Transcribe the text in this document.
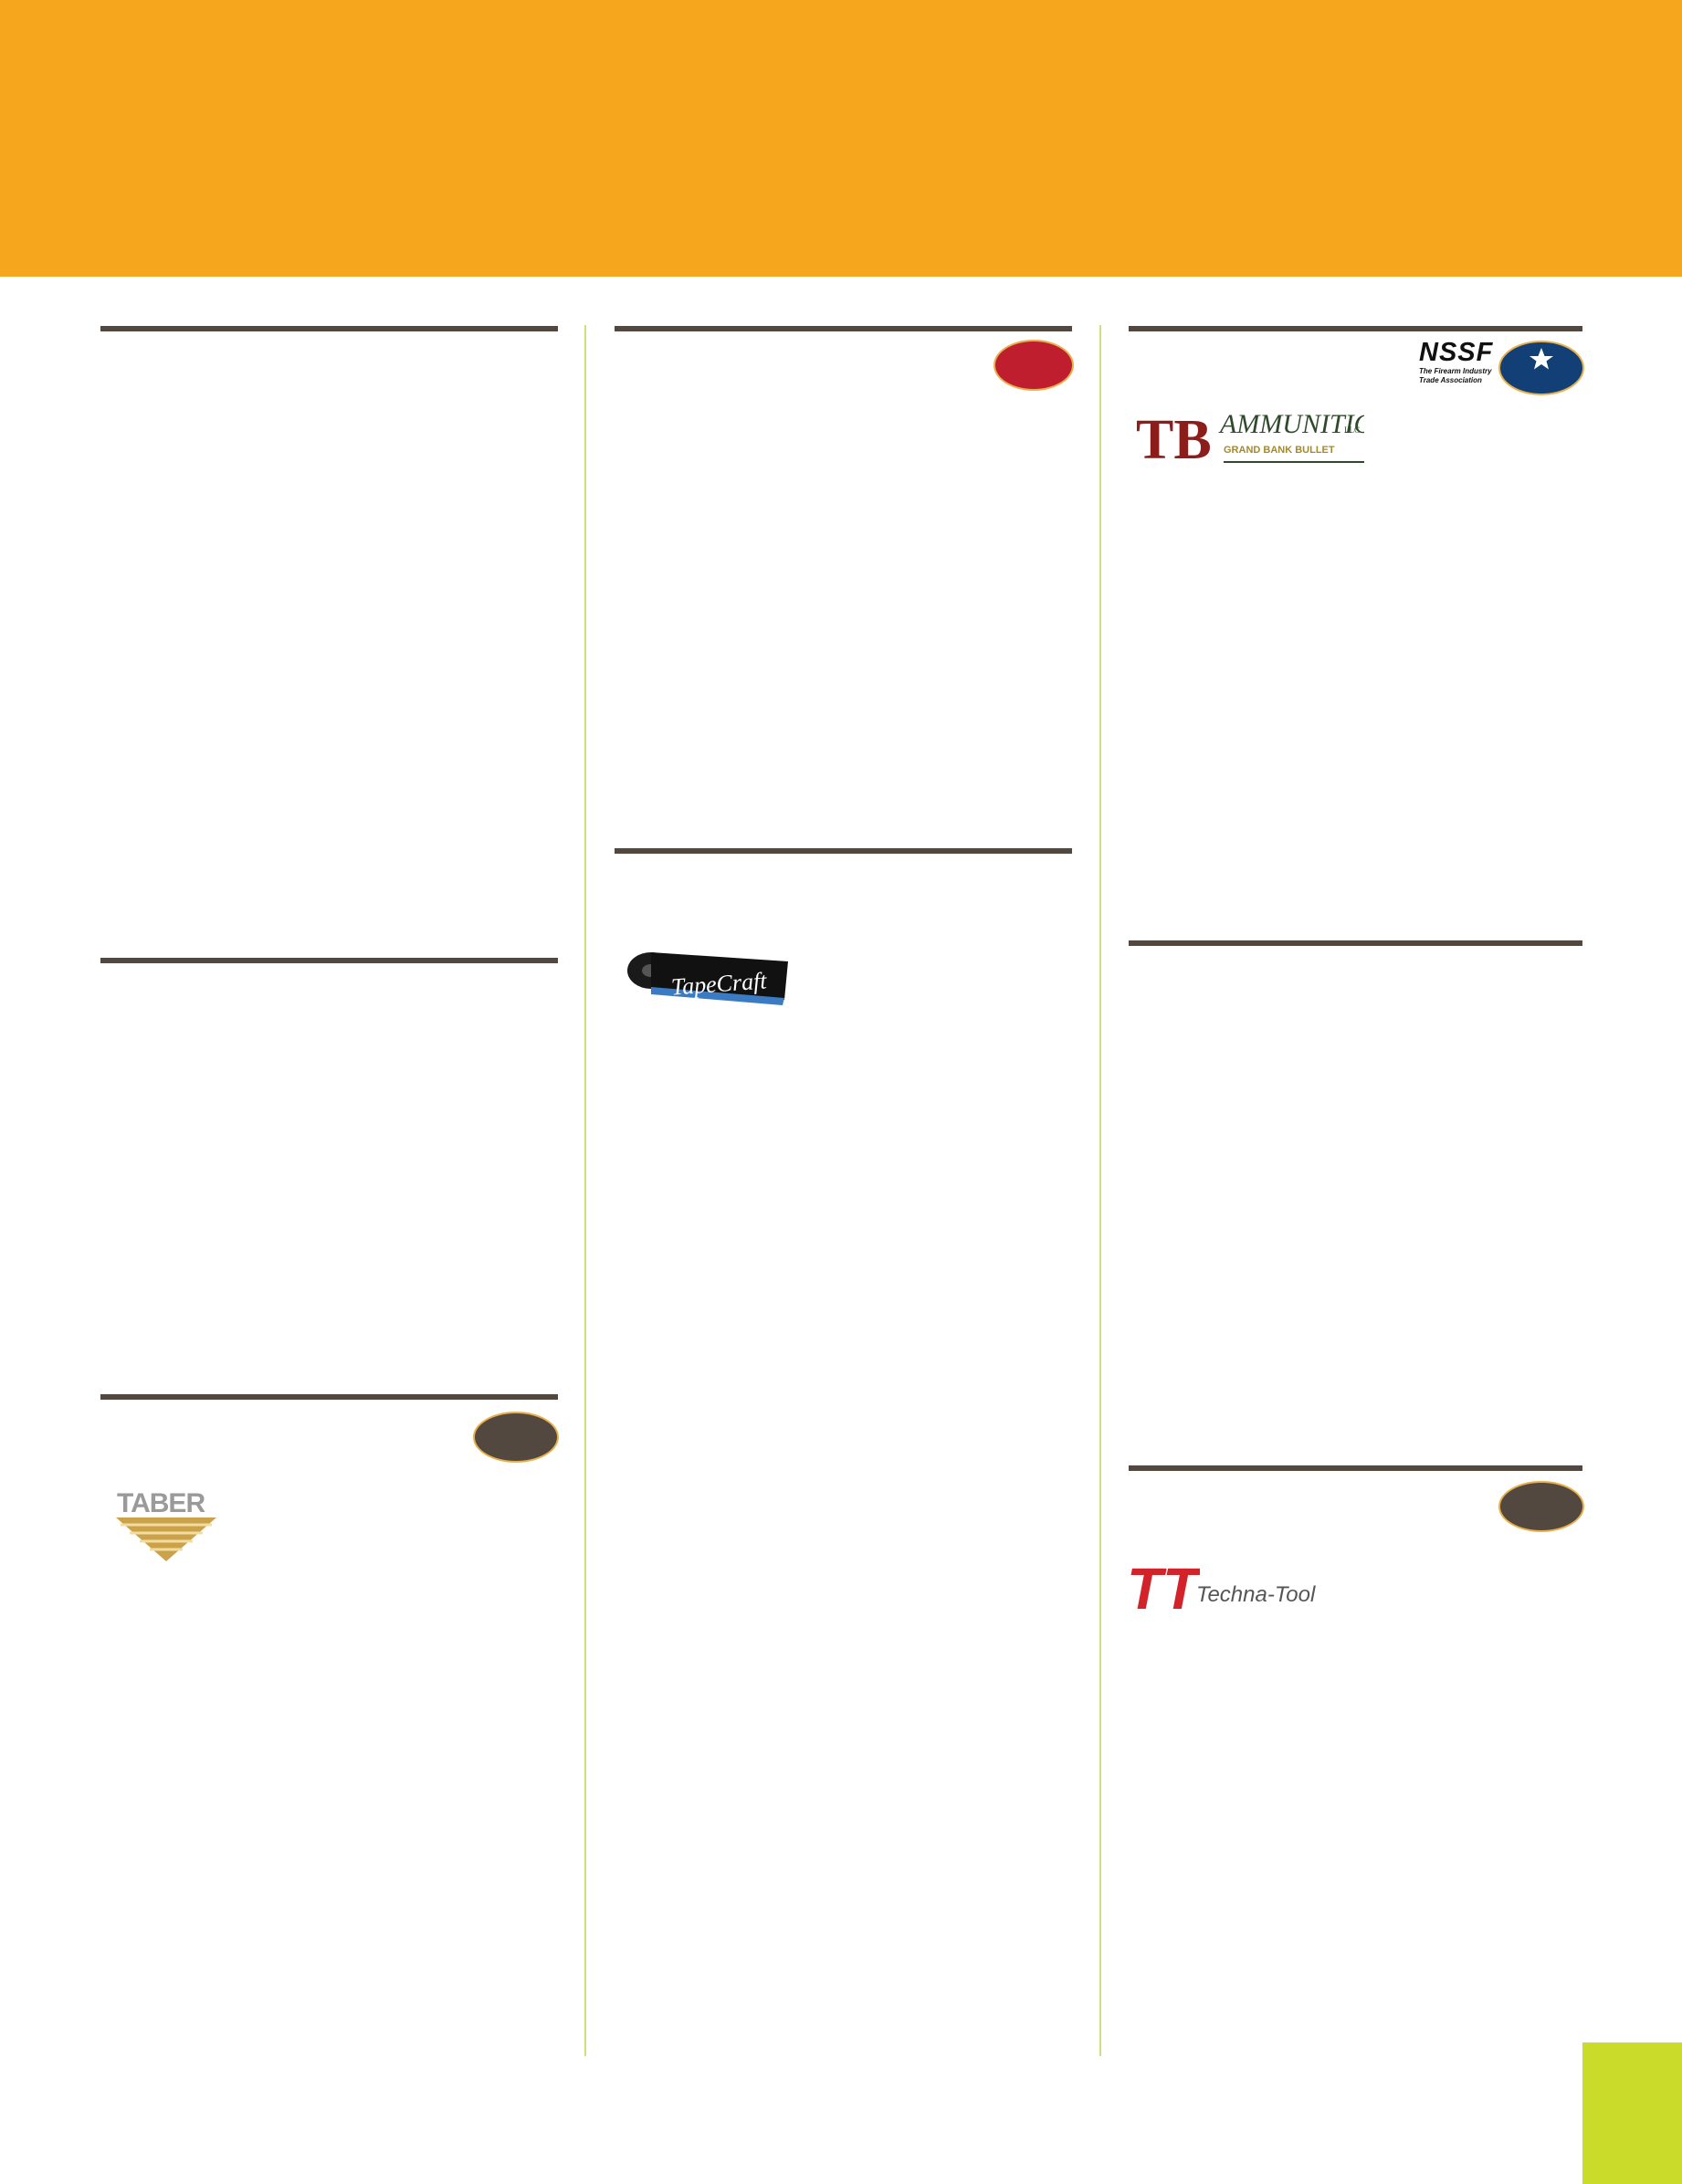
NSSF
The Firearm Industry
Trade Association
TB AMMUNITI
LLC
GRAND BANK BULLET
TapeCraft
TABER
TT
Techna-Tool
